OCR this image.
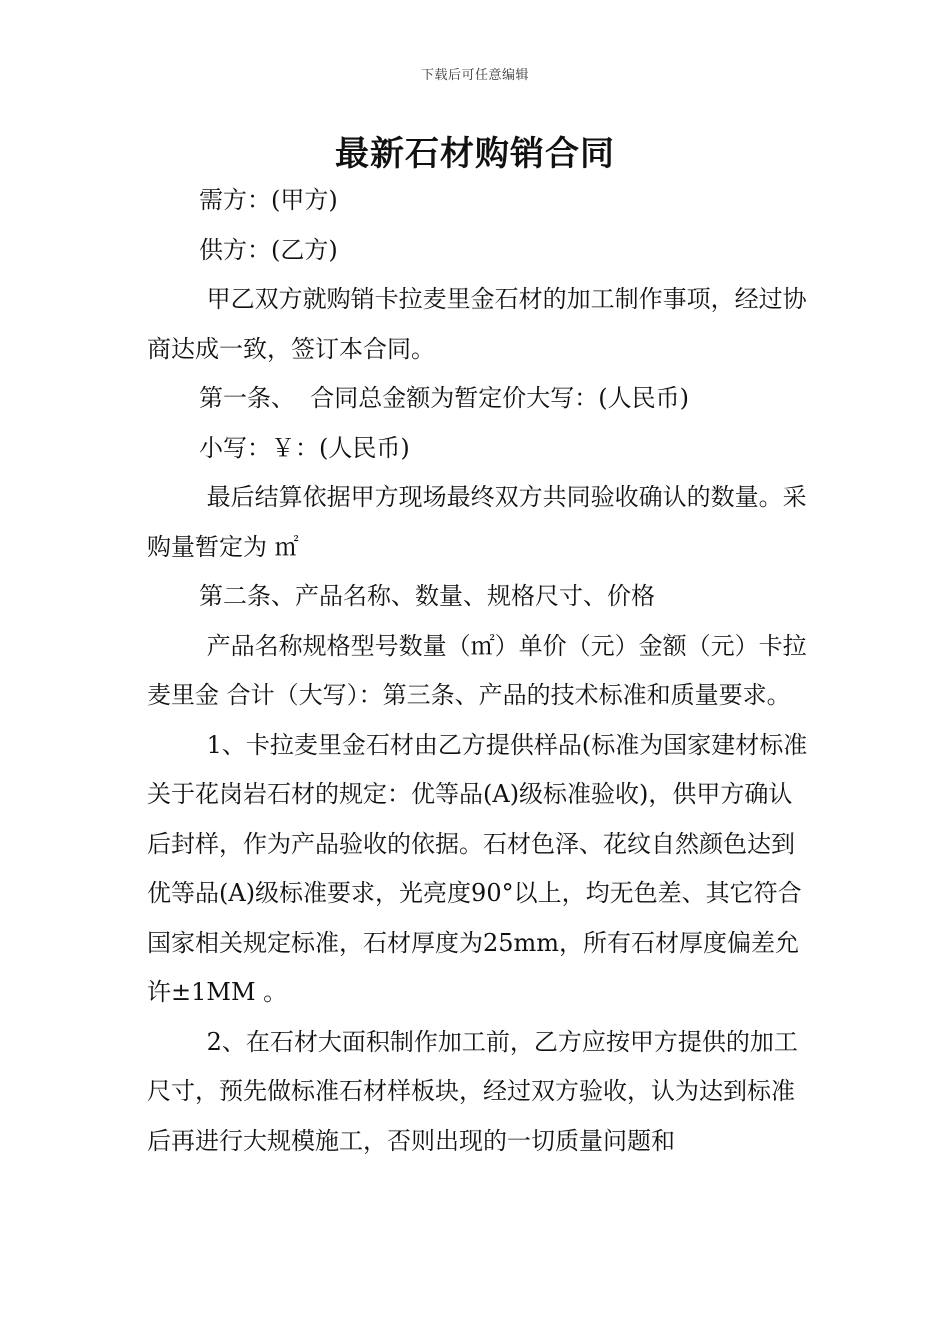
下载后可任意编辑
最新石材购销合同

需方：(甲方)

供方：(乙方)

甲乙双方就购销卡拉麦里金石材的加工制作事项，经过协商达成一致，签订本合同。

第一条、  合同总金额为暂定价大写：(人民币)

小写：￥：(人民币)

最后结算依据甲方现场最终双方共同验收确认的数量。采购量暂定为 ㎡

第二条、产品名称、数量、规格尺寸、价格

产品名称规格型号数量（㎡）单价（元）金额（元）卡拉麦里金 合计（大写）：第三条、产品的技术标准和质量要求。

1、卡拉麦里金石材由乙方提供样品(标准为国家建材标准关于花岗岩石材的规定：优等品(A)级标准验收)，供甲方确认后封样，作为产品验收的依据。石材色泽、花纹自然颜色达到优等品(A)级标准要求，光亮度90°以上，均无色差、其它符合国家相关规定标准，石材厚度为25mm，所有石材厚度偏差允许±1MM 。

2、在石材大面积制作加工前，乙方应按甲方提供的加工尺寸，预先做标准石材样板块，经过双方验收，认为达到标准后再进行大规模施工，否则出现的一切质量问题和
